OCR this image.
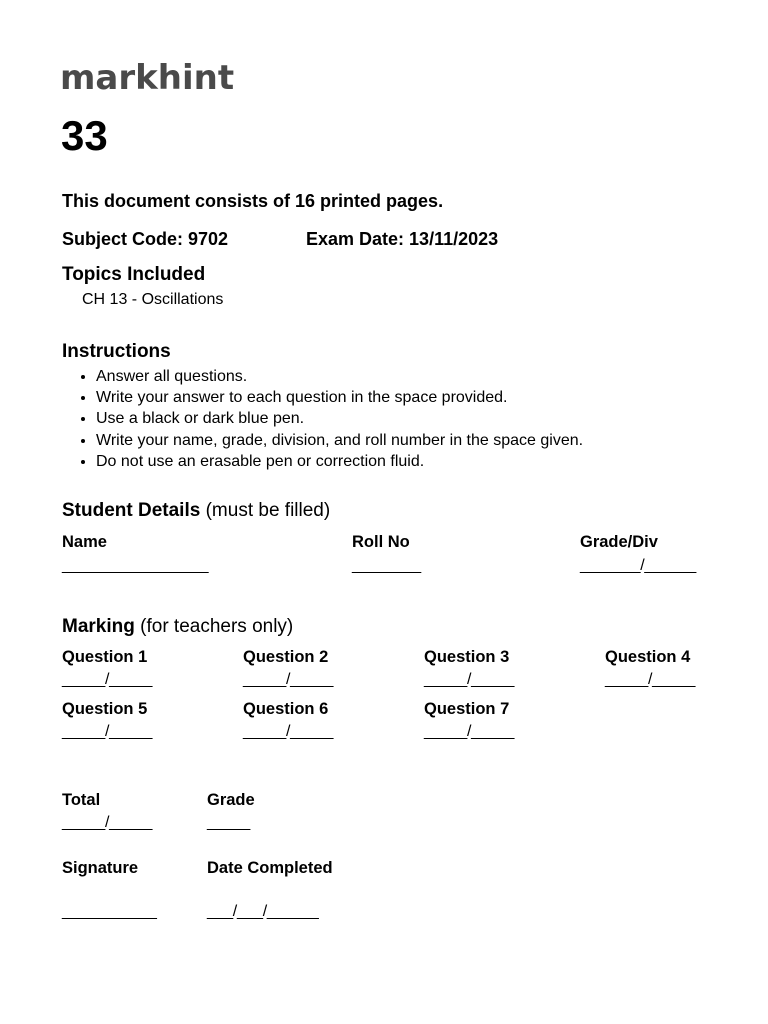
markhint
33
This document consists of 16 printed pages.
Subject Code: 9702	Exam Date: 13/11/2023
Topics Included
CH 13 - Oscillations
Instructions
• Answer all questions.
• Write your answer to each question in the space provided.
• Use a black or dark blue pen.
• Write your name, grade, division, and roll number in the space given.
• Do not use an erasable pen or correction fluid.
Student Details (must be filled)
Name
_________________
Roll No
________
Grade/Div
_______/______
Marking (for teachers only)
Question 1
_____/_____
Question 2
_____/_____
Question 3
_____/_____
Question 4
_____/_____
Question 5
_____/_____
Question 6
_____/_____
Question 7
_____/_____
Total
_____/_____
Grade
_____
Signature
___________
Date Completed
___/___/______
